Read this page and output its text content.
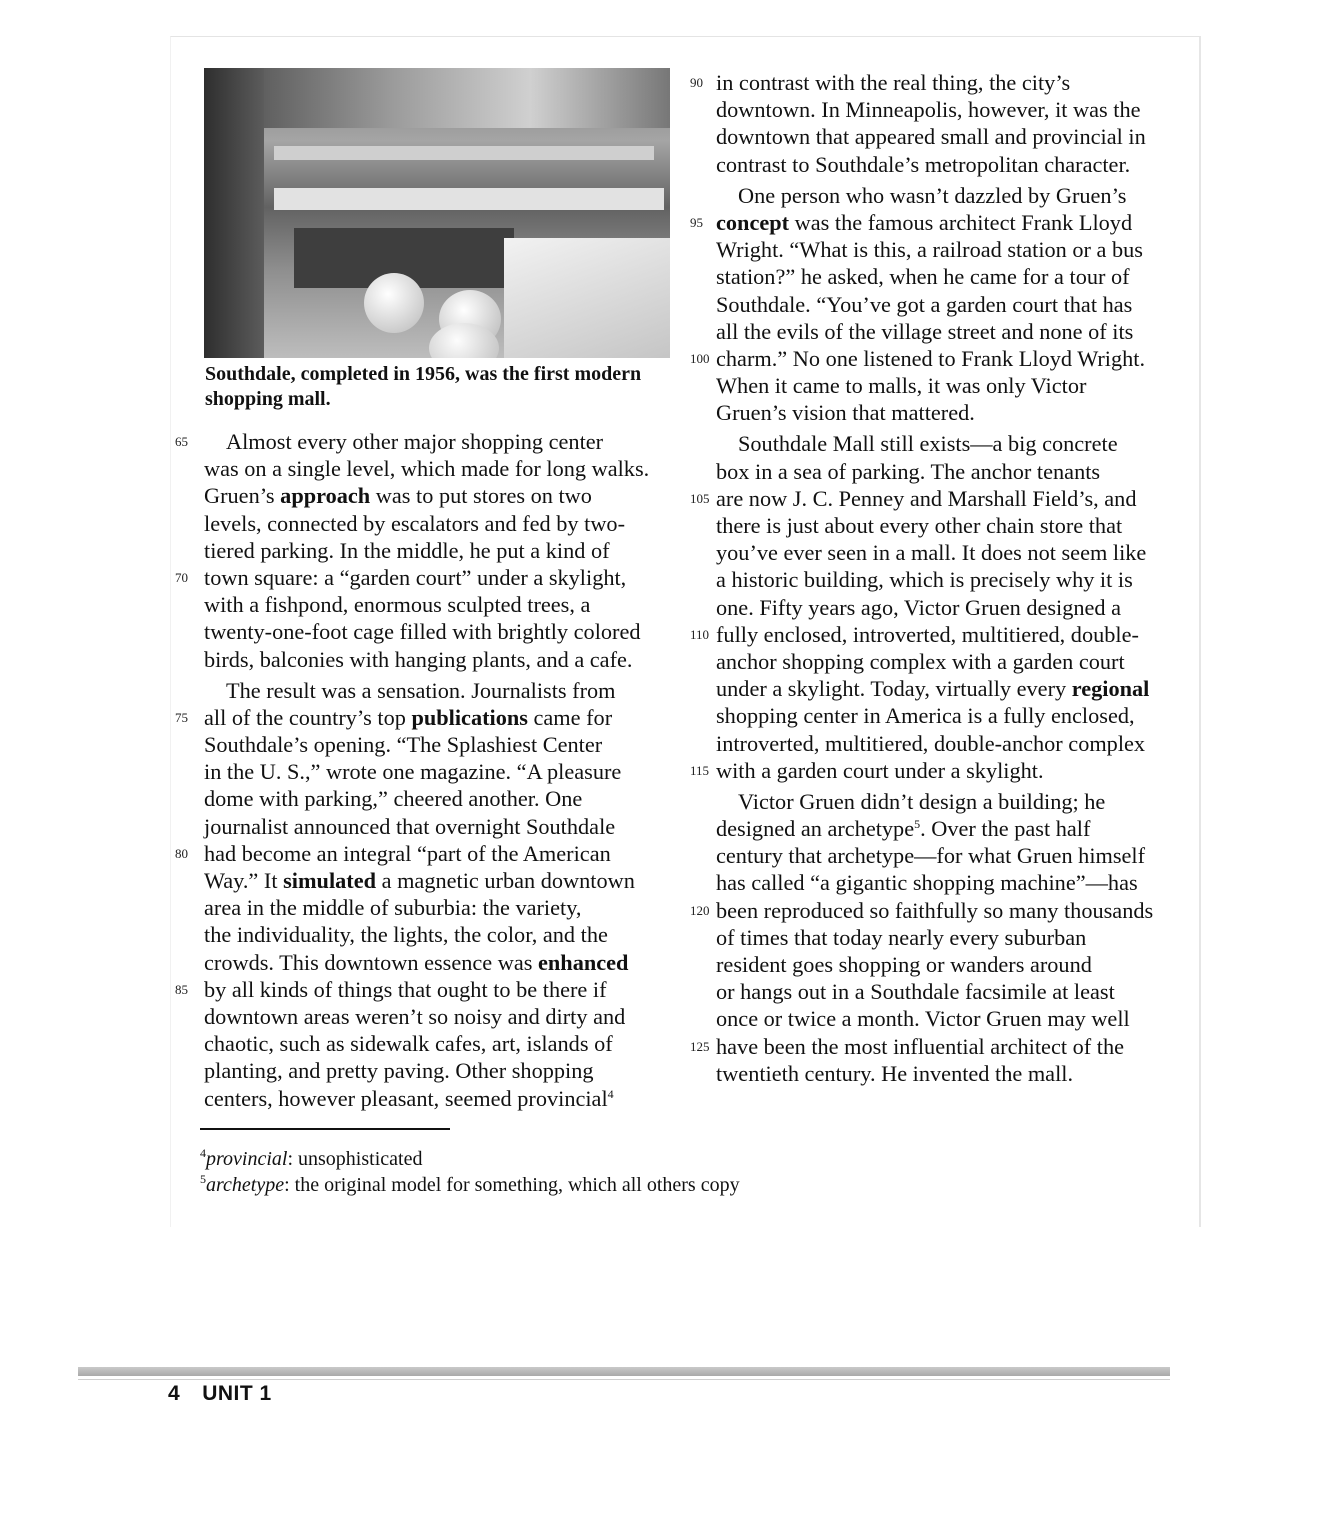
Southdale, completed in 1956, was the first modern shopping mall.
65 Almost every other major shopping center
was on a single level, which made for long walks.
Gruen’s approach was to put stores on two
levels, connected by escalators and fed by two-
tiered parking. In the middle, he put a kind of
70 town square: a “garden court” under a skylight,
with a fishpond, enormous sculpted trees, a
twenty-one-foot cage filled with brightly colored
birds, balconies with hanging plants, and a cafe.
The result was a sensation. Journalists from
75 all of the country’s top publications came for
Southdale’s opening. “The Splashiest Center
in the U. S.,” wrote one magazine. “A pleasure
dome with parking,” cheered another. One
journalist announced that overnight Southdale
80 had become an integral “part of the American
Way.” It simulated a magnetic urban downtown
area in the middle of suburbia: the variety,
the individuality, the lights, the color, and the
crowds. This downtown essence was enhanced
85 by all kinds of things that ought to be there if
downtown areas weren’t so noisy and dirty and
chaotic, such as sidewalk cafes, art, islands of
planting, and pretty paving. Other shopping
centers, however pleasant, seemed provincial$^4$
90 in contrast with the real thing, the city’s
downtown. In Minneapolis, however, it was the
downtown that appeared small and provincial in
contrast to Southdale’s metropolitan character.
One person who wasn’t dazzled by Gruen’s
95 concept was the famous architect Frank Lloyd
Wright. “What is this, a railroad station or a bus
station?” he asked, when he came for a tour of
Southdale. “You’ve got a garden court that has
all the evils of the village street and none of its
100 charm.” No one listened to Frank Lloyd Wright.
When it came to malls, it was only Victor
Gruen’s vision that mattered.
Southdale Mall still exists—a big concrete
box in a sea of parking. The anchor tenants
105 are now J. C. Penney and Marshall Field’s, and
there is just about every other chain store that
you’ve ever seen in a mall. It does not seem like
a historic building, which is precisely why it is
one. Fifty years ago, Victor Gruen designed a
110 fully enclosed, introverted, multitiered, double-
anchor shopping complex with a garden court
under a skylight. Today, virtually every regional
shopping center in America is a fully enclosed,
introverted, multitiered, double-anchor complex
115 with a garden court under a skylight.
Victor Gruen didn’t design a building; he
designed an archetype$^5$. Over the past half
century that archetype—for what Gruen himself
has called “a gigantic shopping machine”—has
120 been reproduced so faithfully so many thousands
of times that today nearly every suburban
resident goes shopping or wanders around
or hangs out in a Southdale facsimile at least
once or twice a month. Victor Gruen may well
125 have been the most influential architect of the
twentieth century. He invented the mall.
$^4$provincial: unsophisticated
$^5$archetype: the original model for something, which all others copy
4 UNIT 1
